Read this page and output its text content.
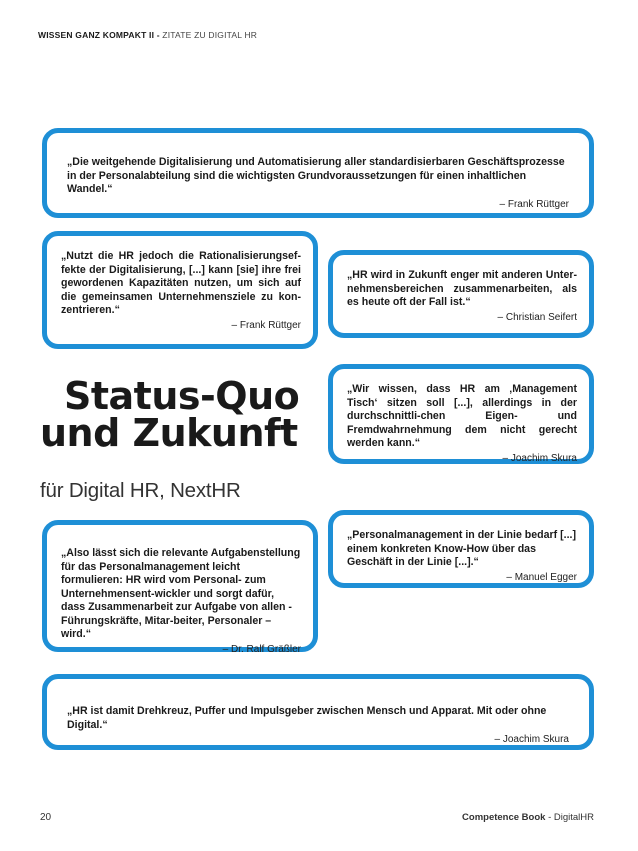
WISSEN GANZ KOMPAKT II - ZITATE ZU DIGITAL HR
„Die weitgehende Digitalisierung und Automatisierung aller standardisierbaren Geschäftsprozesse in der Personalabteilung sind die wichtigsten Grundvoraussetzungen für einen inhaltlichen Wandel.“
– Frank Rüttger
„Nutzt die HR jedoch die Rationalisierungsef-fekte der Digitalisierung, [...] kann [sie] ihre frei gewordenen Kapazitäten nutzen, um sich auf die gemeinsamen Unternehmensziele zu kon-zentrieren.“
– Frank Rüttger
„HR wird in Zukunft enger mit anderen Unter-nehmensbereichen zusammenarbeiten, als es heute oft der Fall ist.“
– Christian Seifert
„Wir wissen, dass HR am ‚Management Tisch‘ sitzen soll [...], allerdings in der durchschnittli-chen Eigen- und Fremdwahrnehmung dem nicht gerecht werden kann.“
– Joachim Skura
„Personalmanagement in der Linie bedarf [...] einem konkreten Know-How über das Geschäft in der Linie [...].“
– Manuel Egger
„Also lässt sich die relevante Aufgabenstellung für das Personalmanagement leicht formulieren: HR wird vom Personal- zum Unternehmensent-wickler und sorgt dafür, dass Zusammenarbeit zur Aufgabe von allen - Führungskräfte, Mitar-beiter, Personaler – wird.“
– Dr. Ralf Gräßler
„HR ist damit Drehkreuz, Puffer und Impulsgeber zwischen Mensch und Apparat. Mit oder ohne Digital.“
– Joachim Skura
Status-Quo
und Zukunft
für Digital HR, NextHR
20	Competence Book - DigitalHR
